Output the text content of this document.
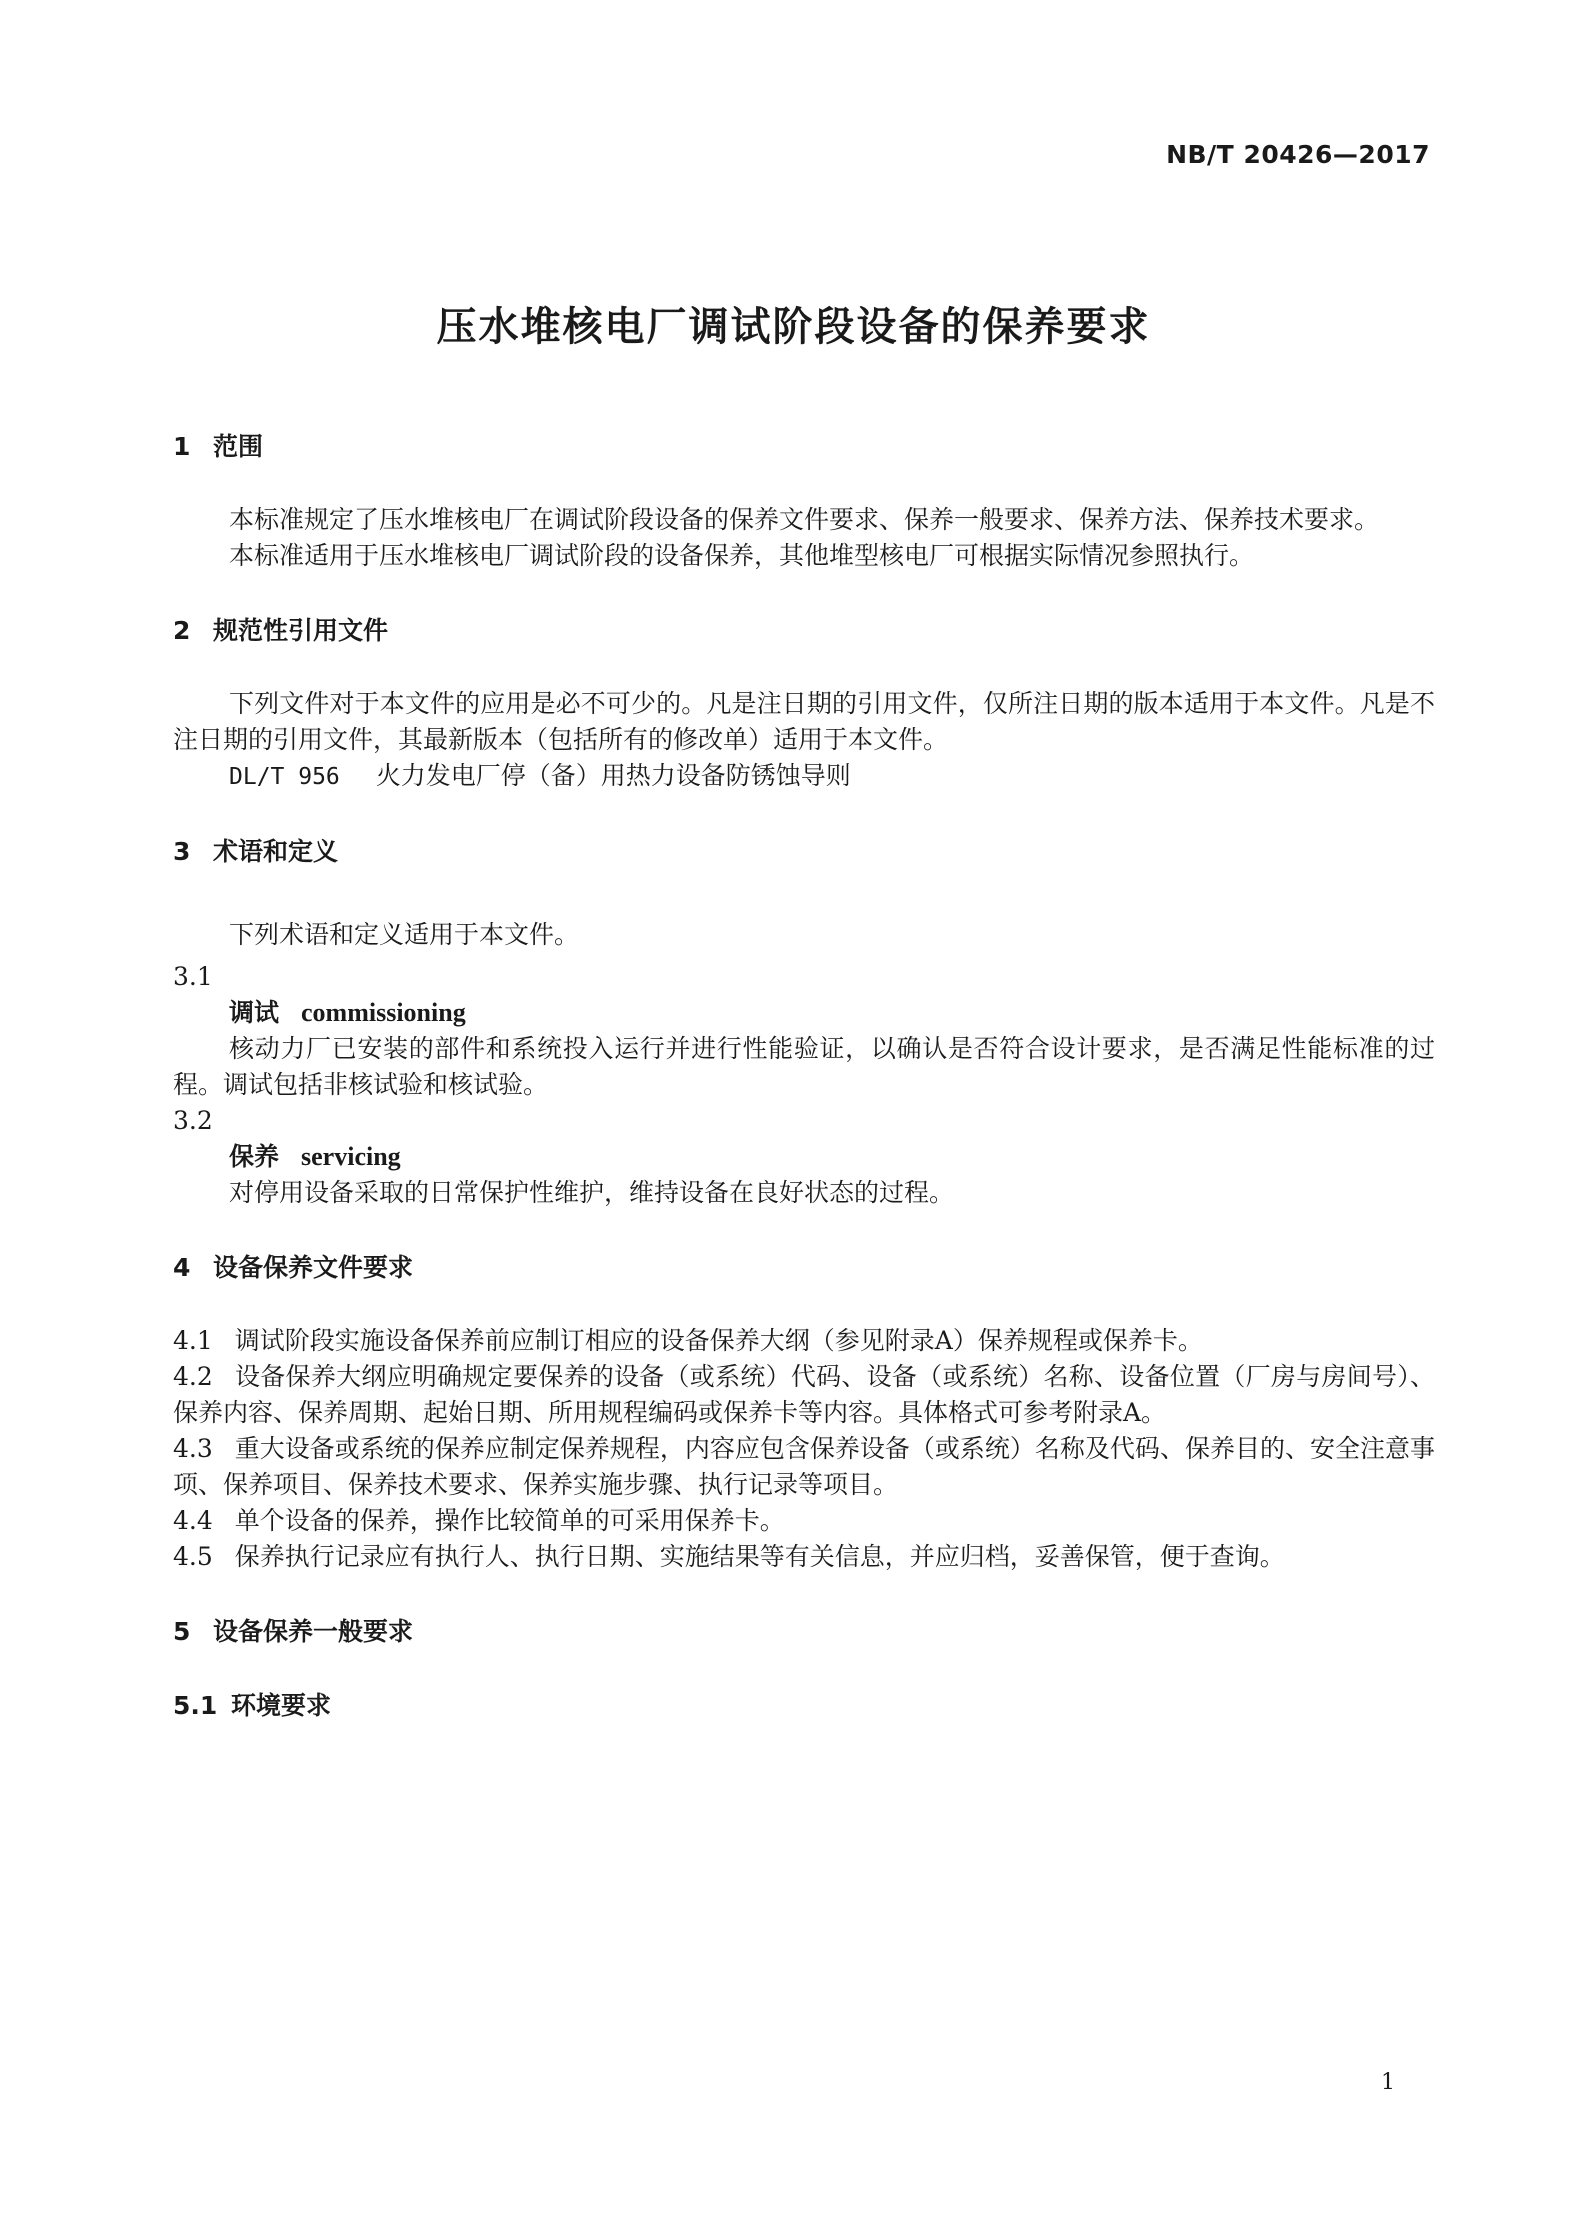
NB/T 20426—2017
压水堆核电厂调试阶段设备的保养要求
1 范围
本标准规定了压水堆核电厂在调试阶段设备的保养文件要求、保养一般要求、保养方法、保养技术要求。
本标准适用于压水堆核电厂调试阶段的设备保养，其他堆型核电厂可根据实际情况参照执行。
2 规范性引用文件
下列文件对于本文件的应用是必不可少的。凡是注日期的引用文件，仅所注日期的版本适用于本文件。凡是不注日期的引用文件，其最新版本（包括所有的修改单）适用于本文件。
DL/T 956 火力发电厂停（备）用热力设备防锈蚀导则
3 术语和定义
下列术语和定义适用于本文件。
3.1
调试 commissioning
核动力厂已安装的部件和系统投入运行并进行性能验证，以确认是否符合设计要求，是否满足性能标准的过程。调试包括非核试验和核试验。
3.2
保养 servicing
对停用设备采取的日常保护性维护，维持设备在良好状态的过程。
4 设备保养文件要求
4.1 调试阶段实施设备保养前应制订相应的设备保养大纲（参见附录A）保养规程或保养卡。
4.2 设备保养大纲应明确规定要保养的设备（或系统）代码、设备（或系统）名称、设备位置（厂房与房间号）、保养内容、保养周期、起始日期、所用规程编码或保养卡等内容。具体格式可参考附录A。
4.3 重大设备或系统的保养应制定保养规程，内容应包含保养设备（或系统）名称及代码、保养目的、安全注意事项、保养项目、保养技术要求、保养实施步骤、执行记录等项目。
4.4 单个设备的保养，操作比较简单的可采用保养卡。
4.5 保养执行记录应有执行人、执行日期、实施结果等有关信息，并应归档，妥善保管，便于查询。
5 设备保养一般要求
5.1 环境要求
1
